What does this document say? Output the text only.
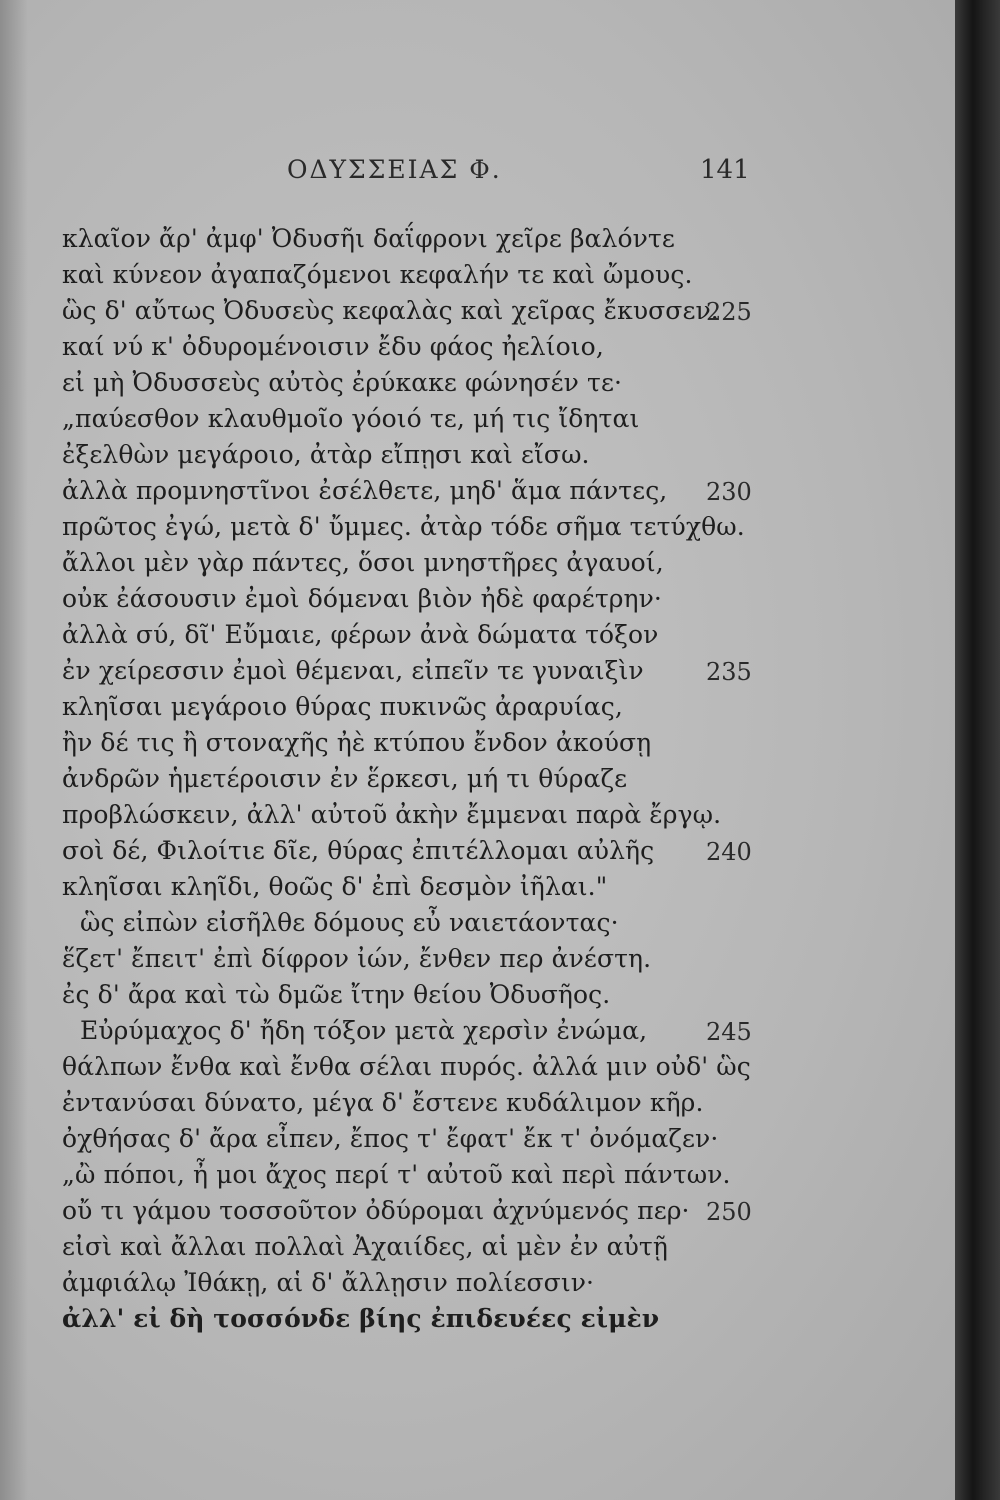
ΟΔΥΣΣΕΙΑΣ Φ.	141
κλαῖον ἄρ' ἀμφ' Ὀδυσῆι δαΐφρονι χεῖρε βαλόντε
καὶ κύνεον ἀγαπαζόμενοι κεφαλήν τε καὶ ὤμους.
ὣς δ' αὔτως Ὀδυσεὺς κεφαλὰς καὶ χεῖρας ἔκυσσεν.
καί νύ κ' ὀδυρομένοισιν ἔδυ φάος ἠελίοιο,
εἰ μὴ Ὀδυσσεὺς αὐτὸς ἐρύκακε φώνησέν τε·
„παύεσθον κλαυθμοῖο γόοιό τε, μή τις ἴδηται
ἐξελθὼν μεγάροιο, ἀτὰρ εἴπῃσι καὶ εἴσω.
ἀλλὰ προμνηστῖνοι ἐσέλθετε, μηδ' ἅμα πάντες,
πρῶτος ἐγώ, μετὰ δ' ὔμμες. ἀτὰρ τόδε σῆμα τετύχθω.
ἄλλοι μὲν γὰρ πάντες, ὅσοι μνηστῆρες ἀγαυοί,
οὐκ ἐάσουσιν ἐμοὶ δόμεναι βιὸν ἠδὲ φαρέτρην·
ἀλλὰ σύ, δῖ' Εὔμαιε, φέρων ἀνὰ δώματα τόξον
ἐν χείρεσσιν ἐμοὶ θέμεναι, εἰπεῖν τε γυναιξὶν
κληῖσαι μεγάροιο θύρας πυκινῶς ἀραρυίας,
ἢν δέ τις ἢ στοναχῆς ἠὲ κτύπου ἔνδον ἀκούσῃ
ἀνδρῶν ἡμετέροισιν ἐν ἕρκεσι, μή τι θύραζε
προβλώσκειν, ἀλλ' αὐτοῦ ἀκὴν ἔμμεναι παρὰ ἔργῳ.
σοὶ δέ, Φιλοίτιε δῖε, θύρας ἐπιτέλλομαι αὐλῆς
κληῖσαι κληῖδι, θοῶς δ' ἐπὶ δεσμὸν ἰῆλαι."
ὣς εἰπὼν εἰσῆλθε δόμους εὖ ναιετάοντας·
ἕζετ' ἔπειτ' ἐπὶ δίφρον ἰών, ἔνθεν περ ἀνέστη.
ἐς δ' ἄρα καὶ τὼ δμῶε ἴτην θείου Ὀδυσῆος.
Εὐρύμαχος δ' ἤδη τόξον μετὰ χερσὶν ἐνώμα,
θάλπων ἔνθα καὶ ἔνθα σέλαι πυρός. ἀλλά μιν οὐδ' ὣς
ἐντανύσαι δύνατο, μέγα δ' ἔστενε κυδάλιμον κῆρ.
ὀχθήσας δ' ἄρα εἶπεν, ἔπος τ' ἔφατ' ἔκ τ' ὀνόμαζεν·
„ὢ πόποι, ἦ μοι ἄχος περί τ' αὐτοῦ καὶ περὶ πάντων.
οὔ τι γάμου τοσσοῦτον ὀδύρομαι ἀχνύμενός περ·
εἰσὶ καὶ ἄλλαι πολλαὶ Ἀχαιίδες, αἱ μὲν ἐν αὐτῇ
ἀμφιάλῳ Ἰθάκῃ, αἱ δ' ἄλλῃσιν πολίεσσιν·
ἀλλ' εἰ δὴ τοσσόνδε βίης ἐπιδευέες εἰμὲν
225
230
235
240
245
250
